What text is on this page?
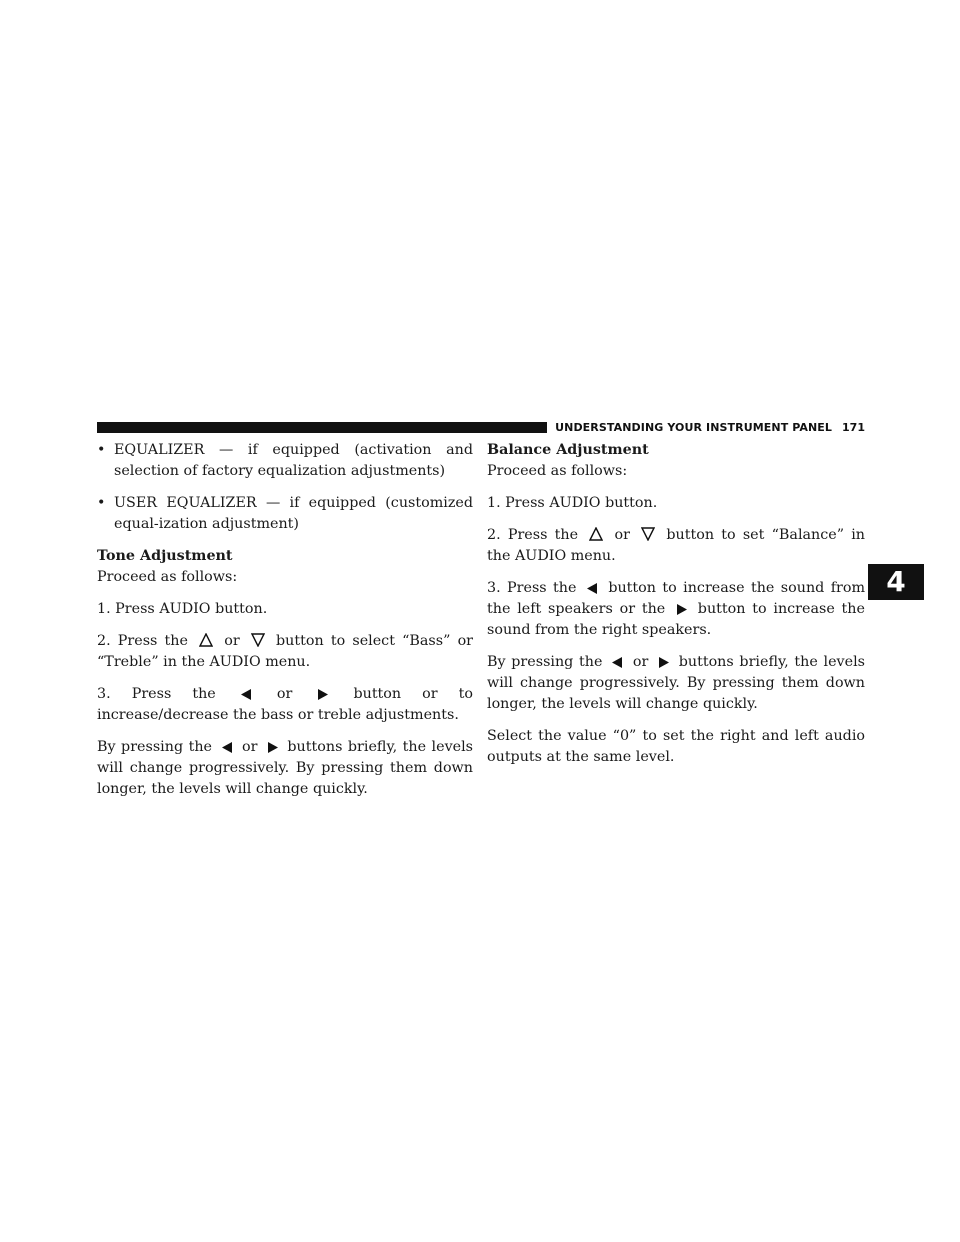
UNDERSTANDING YOUR INSTRUMENT PANEL 171
4
• EQUALIZER — if equipped (activation and selection of factory equalization adjustments)
• USER EQUALIZER — if equipped (customized equal-ization adjustment)
Tone Adjustment

Proceed as follows:

1. Press AUDIO button.

2. Press the	or	button to select “Bass” or “Treble” in the AUDIO menu.

3. Press the	or	button or to increase/decrease the bass or treble adjustments.

By pressing the or buttons briefly, the levels will change progressively. By pressing them down longer, the levels will change quickly.

Balance Adjustment

Proceed as follows:

1. Press AUDIO button.

2. Press the	or	button to set “Balance” in the AUDIO menu.

3. Press the button to increase the sound from the left speakers or the button to increase the sound from the right speakers.

By pressing the or buttons briefly, the levels will change progressively. By pressing them down longer, the levels will change quickly.

Select the value “0” to set the right and left audio outputs at the same level.
